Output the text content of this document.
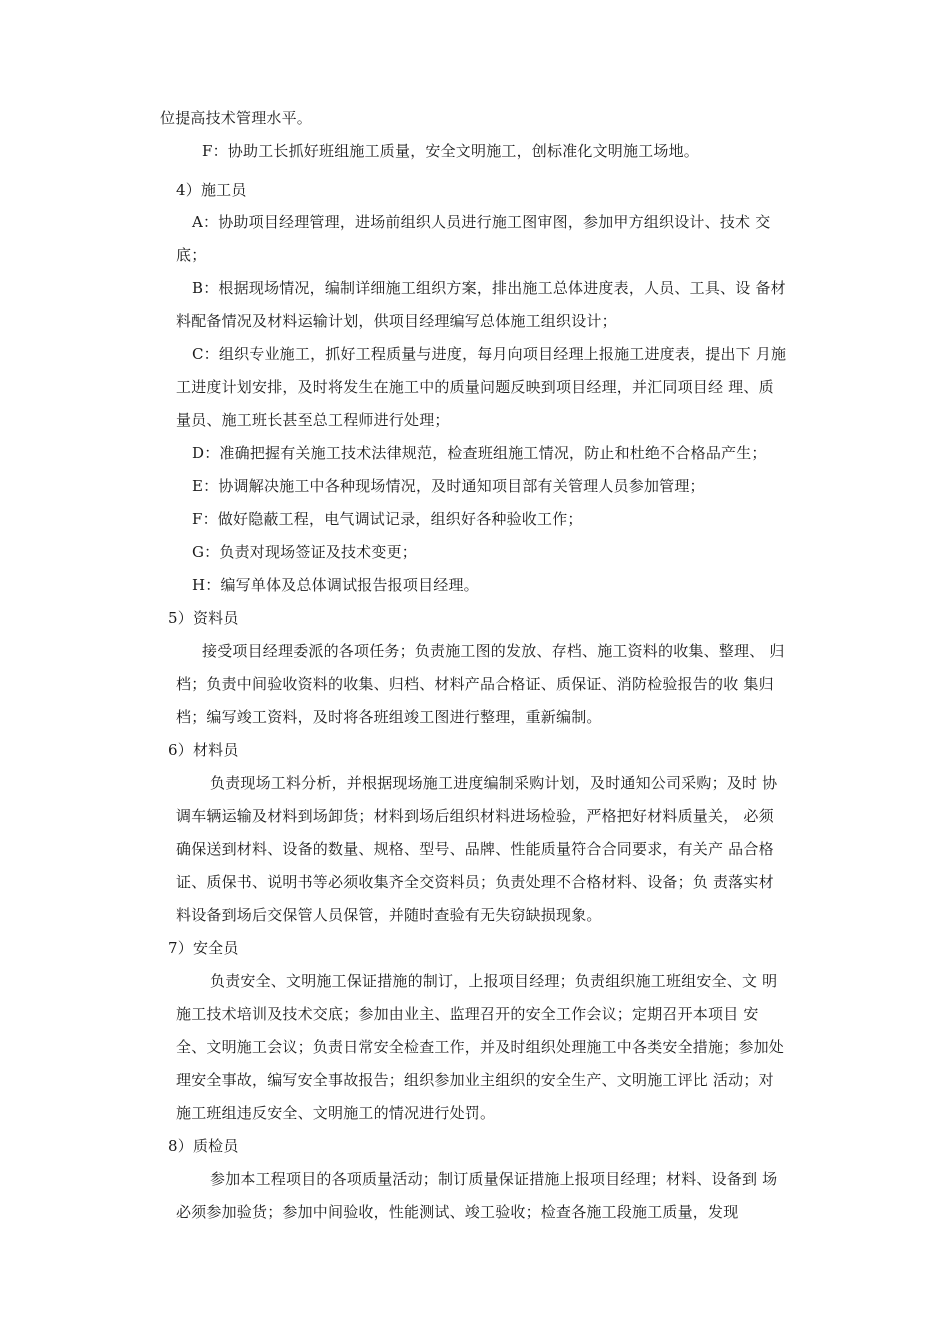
位提高技术管理水平。
F：协助工长抓好班组施工质量，安全文明施工，创标准化文明施工场地。
4）施工员
A：协助项目经理管理，进场前组织人员进行施工图审图，参加甲方组织设计、技术 交
底；
B：根据现场情况，编制详细施工组织方案，排出施工总体进度表，人员、工具、设 备材
料配备情况及材料运输计划，供项目经理编写总体施工组织设计；
C：组织专业施工，抓好工程质量与进度，每月向项目经理上报施工进度表，提出下 月施
工进度计划安排，及时将发生在施工中的质量问题反映到项目经理，并汇同项目经 理、质
量员、施工班长甚至总工程师进行处理；
D：准确把握有关施工技术法律规范，检查班组施工情况，防止和杜绝不合格品产生；
E：协调解决施工中各种现场情况，及时通知项目部有关管理人员参加管理；
F：做好隐蔽工程，电气调试记录，组织好各种验收工作；
G：负责对现场签证及技术变更；
H：编写单体及总体调试报告报项目经理。
5）资料员
接受项目经理委派的各项任务；负责施工图的发放、存档、施工资料的收集、整理、 归
档；负责中间验收资料的收集、归档、材料产品合格证、质保证、消防检验报告的收 集归
档；编写竣工资料，及时将各班组竣工图进行整理，重新编制。
6）材料员
负责现场工料分析，并根据现场施工进度编制采购计划，及时通知公司采购；及时 协
调车辆运输及材料到场卸货；材料到场后组织材料进场检验，严格把好材料质量关， 必须
确保送到材料、设备的数量、规格、型号、品牌、性能质量符合合同要求，有关产 品合格
证、质保书、说明书等必须收集齐全交资料员；负责处理不合格材料、设备；负 责落实材
料设备到场后交保管人员保管，并随时查验有无失窃缺损现象。
7）安全员
负责安全、文明施工保证措施的制订，上报项目经理；负责组织施工班组安全、文 明
施工技术培训及技术交底；参加由业主、监理召开的安全工作会议；定期召开本项目 安
全、文明施工会议；负责日常安全检查工作，并及时组织处理施工中各类安全措施；参加处
理安全事故，编写安全事故报告；组织参加业主组织的安全生产、文明施工评比 活动；对
施工班组违反安全、文明施工的情况进行处罚。
8）质检员
参加本工程项目的各项质量活动；制订质量保证措施上报项目经理；材料、设备到 场
必须参加验货；参加中间验收，性能测试、竣工验收；检查各施工段施工质量，发现
